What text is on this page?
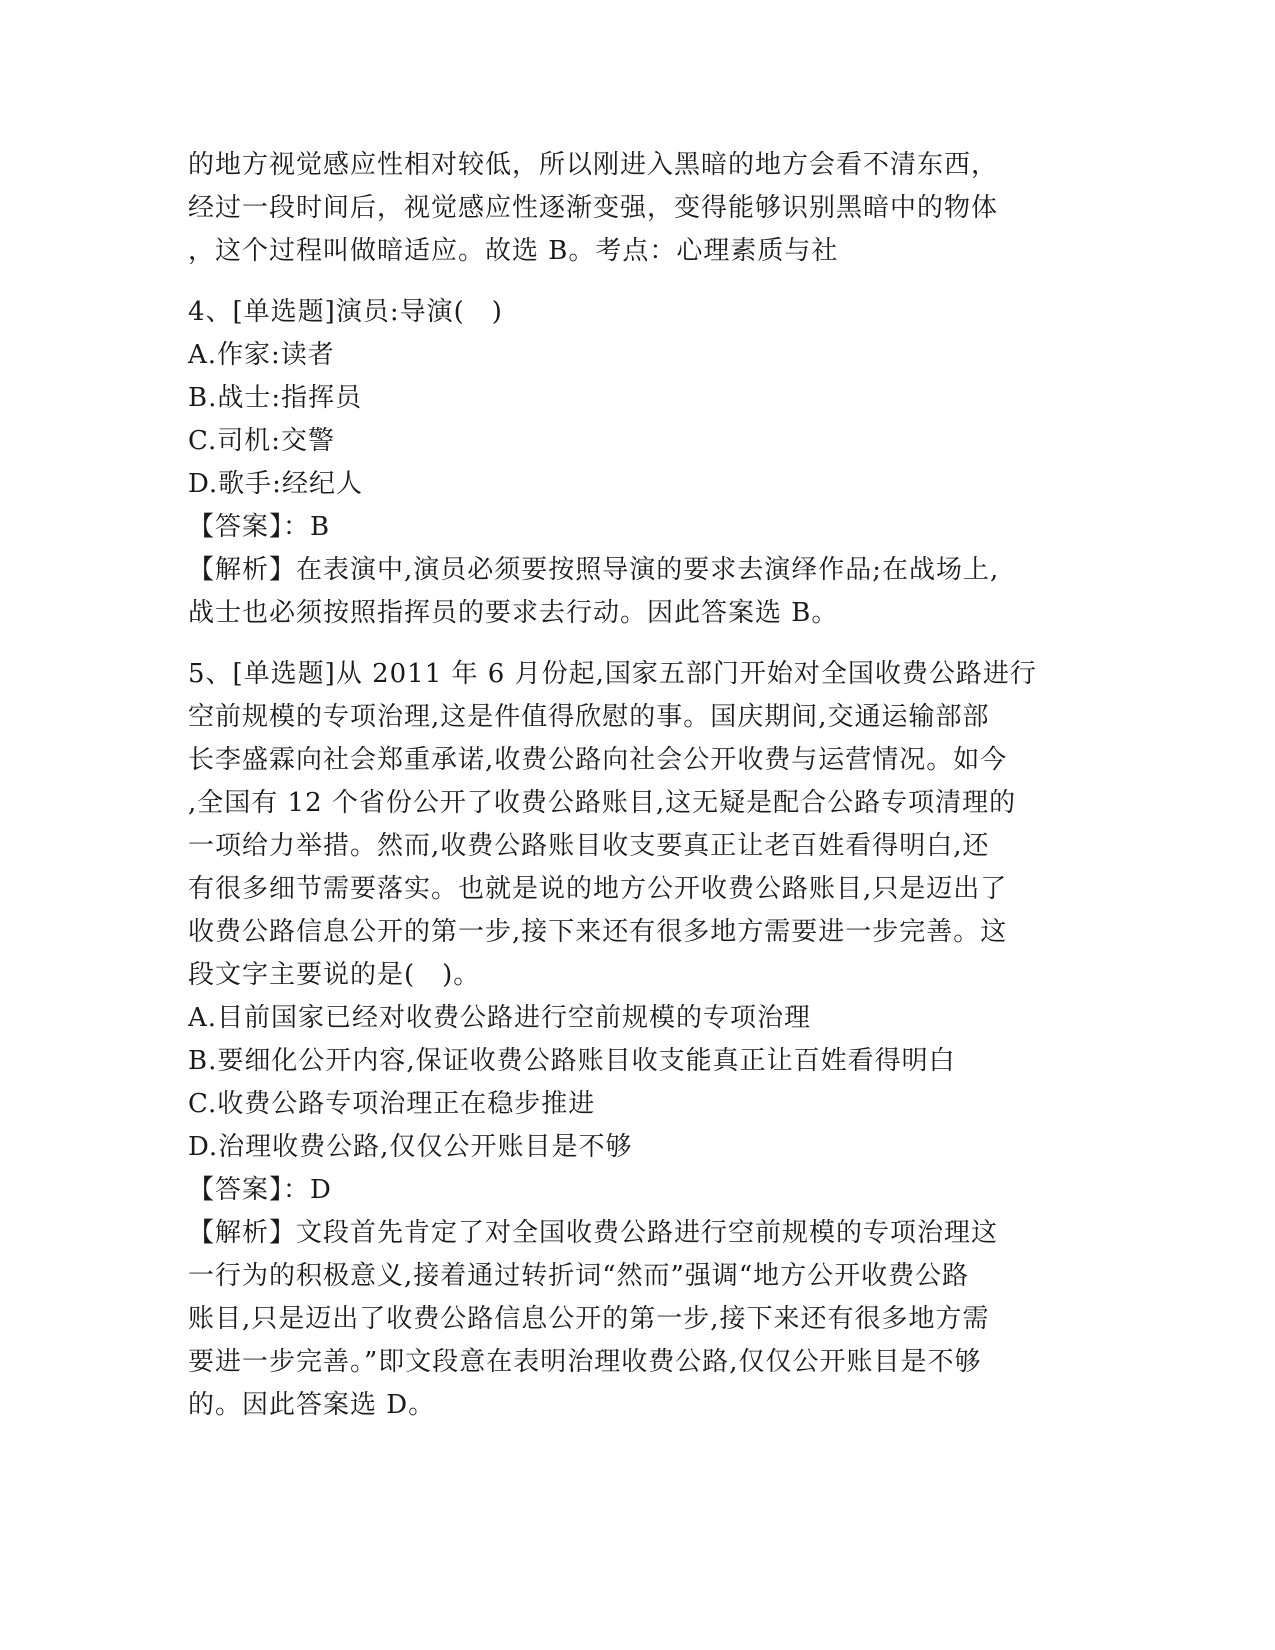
的地方视觉感应性相对较低，所以刚进入黑暗的地方会看不清东西，
经过一段时间后，视觉感应性逐渐变强，变得能够识别黑暗中的物体
，这个过程叫做暗适应。故选 B。考点：心理素质与社
4、[单选题]演员:导演(　)
A.作家:读者
B.战士:指挥员
C.司机:交警
D.歌手:经纪人
【答案】：B
【解析】在表演中,演员必须要按照导演的要求去演绎作品;在战场上,
战士也必须按照指挥员的要求去行动。因此答案选 B。
5、[单选题]从 2011 年 6 月份起,国家五部门开始对全国收费公路进行
空前规模的专项治理,这是件值得欣慰的事。国庆期间,交通运输部部
长李盛霖向社会郑重承诺,收费公路向社会公开收费与运营情况。如今
,全国有 12 个省份公开了收费公路账目,这无疑是配合公路专项清理的
一项给力举措。然而,收费公路账目收支要真正让老百姓看得明白,还
有很多细节需要落实。也就是说的地方公开收费公路账目,只是迈出了
收费公路信息公开的第一步,接下来还有很多地方需要进一步完善。这
段文字主要说的是(　)。
A.目前国家已经对收费公路进行空前规模的专项治理
B.要细化公开内容,保证收费公路账目收支能真正让百姓看得明白
C.收费公路专项治理正在稳步推进
D.治理收费公路,仅仅公开账目是不够
【答案】：D
【解析】文段首先肯定了对全国收费公路进行空前规模的专项治理这
一行为的积极意义,接着通过转折词“然而”强调“地方公开收费公路
账目,只是迈出了收费公路信息公开的第一步,接下来还有很多地方需
要进一步完善。”即文段意在表明治理收费公路,仅仅公开账目是不够
的。因此答案选 D。
